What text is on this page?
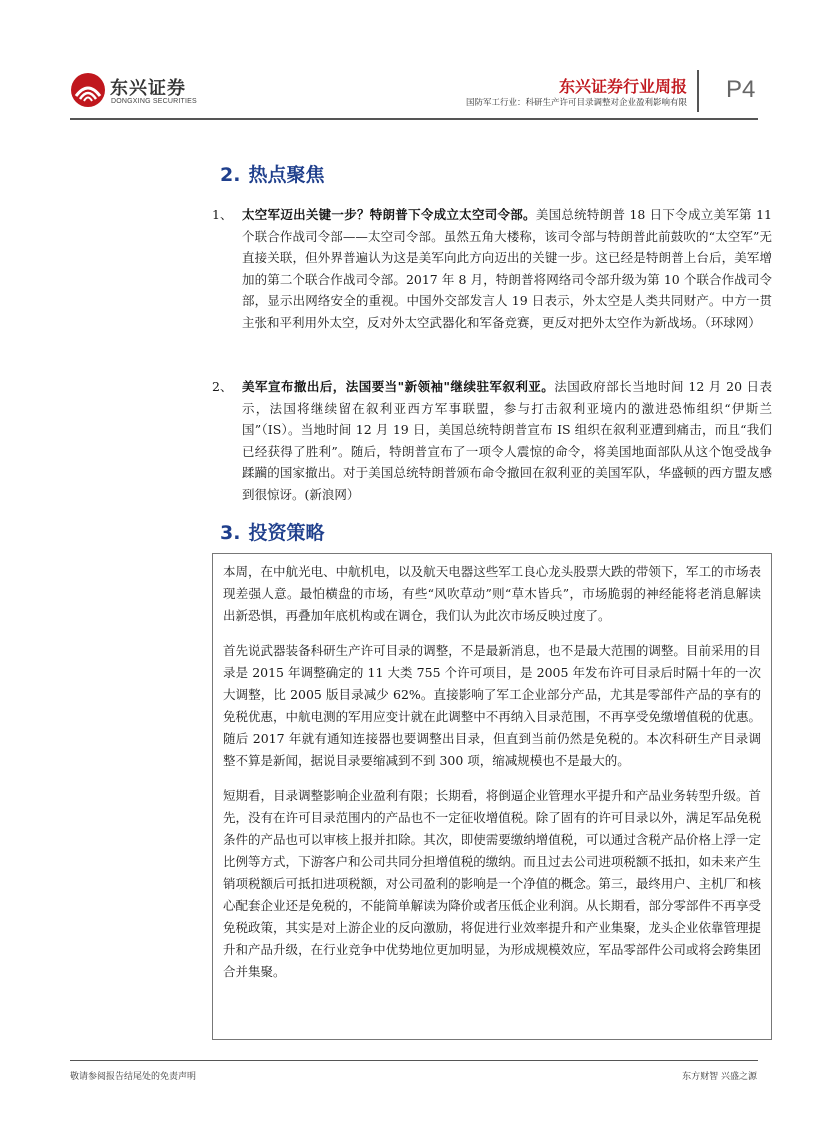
东兴证券
DONGXING SECURITIES
东兴证券行业周报
国防军工行业：科研生产许可目录调整对企业盈利影响有限 P4
2. 热点聚焦
1、 太空军迈出关键一步？特朗普下令成立太空司令部。美国总统特朗普 18 日下令成立美军第 11 个联合作战司令部——太空司令部。虽然五角大楼称，该司令部与特朗普此前鼓吹的“太空军”无直接关联，但外界普遍认为这是美军向此方向迈出的关键一步。这已经是特朗普上台后，美军增加的第二个联合作战司令部。2017 年 8 月，特朗普将网络司令部升级为第 10 个联合作战司令部，显示出网络安全的重视。中国外交部发言人 19 日表示，外太空是人类共同财产。中方一贯主张和平利用外太空，反对外太空武器化和军备竞赛，更反对把外太空作为新战场。（环球网）
2、 美军宣布撤出后，法国要当"新领袖"继续驻军叙利亚。法国政府部长当地时间 12 月 20 日表示，法国将继续留在叙利亚西方军事联盟，参与打击叙利亚境内的激进恐怖组织“伊斯兰国”（IS）。当地时间 12 月 19 日，美国总统特朗普宣布 IS 组织在叙利亚遭到痛击，而且“我们已经获得了胜利”。随后，特朗普宣布了一项令人震惊的命令，将美国地面部队从这个饱受战争蹂躏的国家撤出。对于美国总统特朗普颁布命令撤回在叙利亚的美国军队，华盛顿的西方盟友感到很惊讶。(新浪网）
3. 投资策略

本周，在中航光电、中航机电，以及航天电器这些军工良心龙头股票大跌的带领下，军工的市场表现差强人意。最怕横盘的市场，有些“风吹草动”则“草木皆兵”，市场脆弱的神经能将老消息解读出新恐惧，再叠加年底机构或在调仓，我们认为此次市场反映过度了。

首先说武器装备科研生产许可目录的调整，不是最新消息，也不是最大范围的调整。目前采用的目录是 2015 年调整确定的 11 大类 755 个许可项目，是 2005 年发布许可目录后时隔十年的一次大调整，比 2005 版目录减少 62%。直接影响了军工企业部分产品，尤其是零部件产品的享有的免税优惠，中航电测的军用应变计就在此调整中不再纳入目录范围，不再享受免缴增值税的优惠。随后 2017 年就有通知连接器也要调整出目录，但直到当前仍然是免税的。本次科研生产目录调整不算是新闻，据说目录要缩减到不到 300 项，缩减规模也不是最大的。

短期看，目录调整影响企业盈利有限；长期看，将倒逼企业管理水平提升和产品业务转型升级。首先，没有在许可目录范围内的产品也不一定征收增值税。除了固有的许可目录以外，满足军品免税条件的产品也可以审核上报并扣除。其次，即使需要缴纳增值税，可以通过含税产品价格上浮一定比例等方式，下游客户和公司共同分担增值税的缴纳。而且过去公司进项税额不抵扣，如未来产生销项税额后可抵扣进项税额，对公司盈利的影响是一个净值的概念。第三，最终用户、主机厂和核心配套企业还是免税的，不能简单解读为降价或者压低企业利润。从长期看，部分零部件不再享受免税政策，其实是对上游企业的反向激励，将促进行业效率提升和产业集聚，龙头企业依靠管理提升和产品升级，在行业竞争中优势地位更加明显，为形成规模效应，军品零部件公司或将会跨集团合并集聚。

敬请参阅报告结尾处的免责声明	东方财智 兴盛之源
